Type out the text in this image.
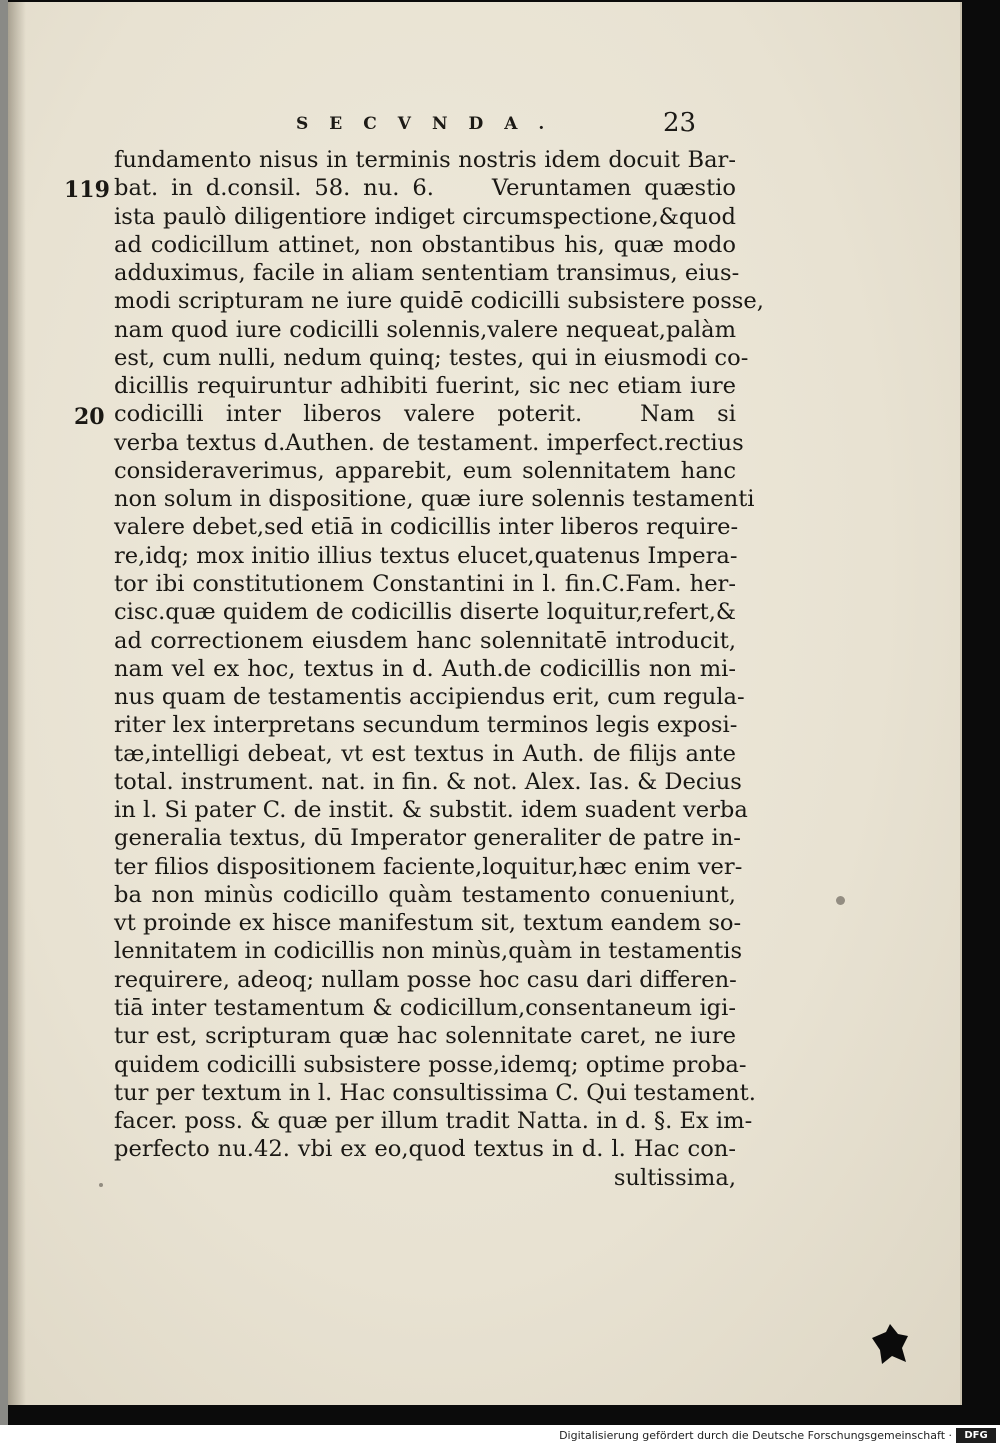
SECVNDA.	23
119
20
fundamento nisus in terminis nostris idem docuit Bar-
bat. in d.consil. 58. nu. 6.	Veruntamen quæstio
ista paulò diligentiore indiget circumspectione,&quod
ad codicillum attinet, non obstantibus his, quæ modo
adduximus, facile in aliam sententiam transimus, eius-
modi scripturam ne iure quidē codicilli subsistere posse,
nam quod iure codicilli solennis,valere nequeat,palàm
est, cum nulli, nedum quinq; testes, qui in eiusmodi co-
dicillis requiruntur adhibiti fuerint, sic nec etiam iure
codicilli inter liberos valere poterit.	Nam si
verba textus d.Authen. de testament. imperfect.rectius
consideraverimus, apparebit, eum solennitatem hanc
non solum in dispositione, quæ iure solennis testamenti
valere debet,sed etiā in codicillis inter liberos require-
re,idq; mox initio illius textus elucet,quatenus Impera-
tor ibi constitutionem Constantini in l. fin.C.Fam. her-
cisc.quæ quidem de codicillis diserte loquitur,refert,&
ad correctionem eiusdem hanc solennitatē introducit,
nam vel ex hoc, textus in d. Auth.de codicillis non mi-
nus quam de testamentis accipiendus erit, cum regula-
riter lex interpretans secundum terminos legis exposi-
tæ,intelligi debeat, vt est textus in Auth. de filijs ante
total. instrument. nat. in fin. & not. Alex. Ias. & Decius
in l. Si pater C. de instit. & substit. idem suadent verba
generalia textus, dū Imperator generaliter de patre in-
ter filios dispositionem faciente,loquitur,hæc enim ver-
ba non minùs codicillo quàm testamento conueniunt,
vt proinde ex hisce manifestum sit, textum eandem so-
lennitatem in codicillis non minùs,quàm in testamentis
requirere, adeoq; nullam posse hoc casu dari differen-
tiā inter testamentum & codicillum,consentaneum igi-
tur est, scripturam quæ hac solennitate caret, ne iure
quidem codicilli subsistere posse,idemq; optime proba-
tur per textum in l. Hac consultissima C. Qui testament.
facer. poss. & quæ per illum tradit Natta. in d. §. Ex im-
perfecto nu.42. vbi ex eo,quod textus in d. l. Hac con-
sultissima,
Digitalisierung gefördert durch die Deutsche Forschungsgemeinschaft ·	DFG
